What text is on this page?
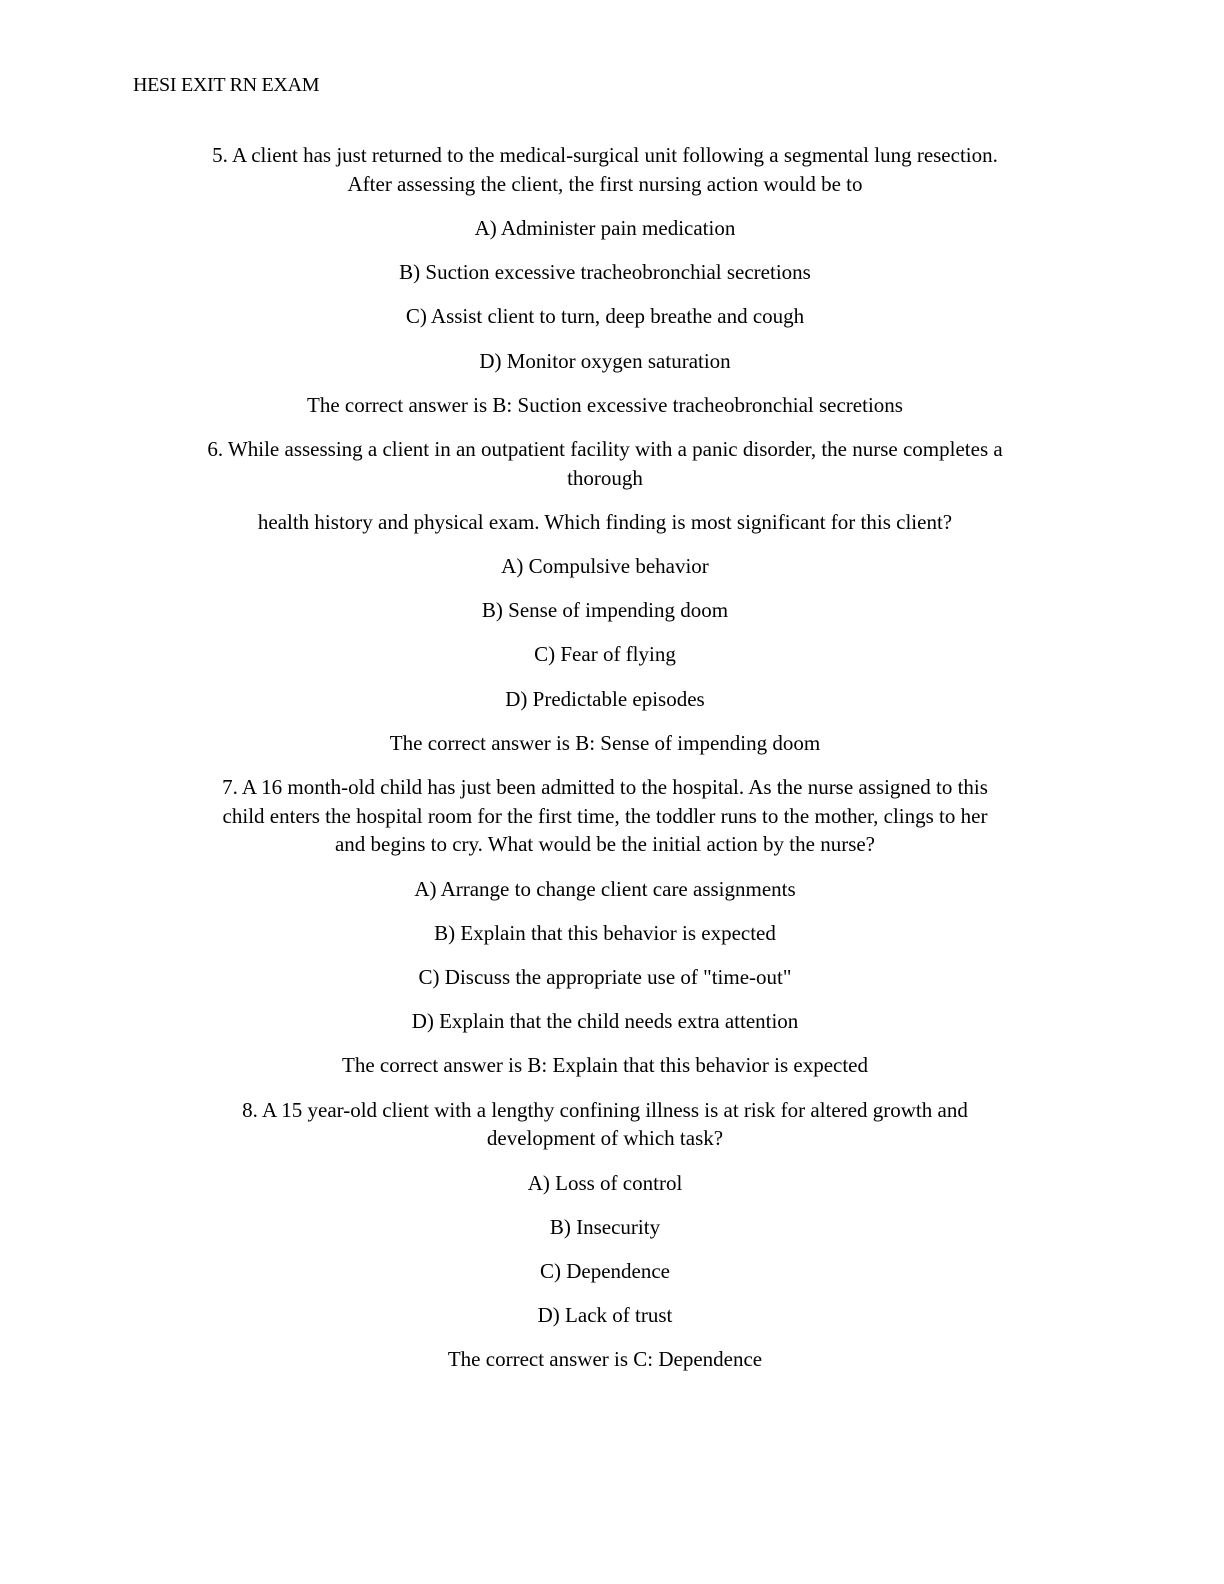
HESI EXIT RN EXAM
5. A client has just returned to the medical-surgical unit following a segmental lung resection.
After assessing the client, the first nursing action would be to
A) Administer pain medication
B) Suction excessive tracheobronchial secretions
C) Assist client to turn, deep breathe and cough
D) Monitor oxygen saturation
The correct answer is B: Suction excessive tracheobronchial secretions
6. While assessing a client in an outpatient facility with a panic disorder, the nurse completes a
thorough
health history and physical exam. Which finding is most significant for this client?
A) Compulsive behavior
B) Sense of impending doom
C) Fear of flying
D) Predictable episodes
The correct answer is B: Sense of impending doom
7. A 16 month-old child has just been admitted to the hospital. As the nurse assigned to this
child enters the hospital room for the first time, the toddler runs to the mother, clings to her
and begins to cry. What would be the initial action by the nurse?
A) Arrange to change client care assignments
B) Explain that this behavior is expected
C) Discuss the appropriate use of "time-out"
D) Explain that the child needs extra attention
The correct answer is B: Explain that this behavior is expected
8. A 15 year-old client with a lengthy confining illness is at risk for altered growth and
development of which task?
A) Loss of control
B) Insecurity
C) Dependence
D) Lack of trust
The correct answer is C: Dependence
